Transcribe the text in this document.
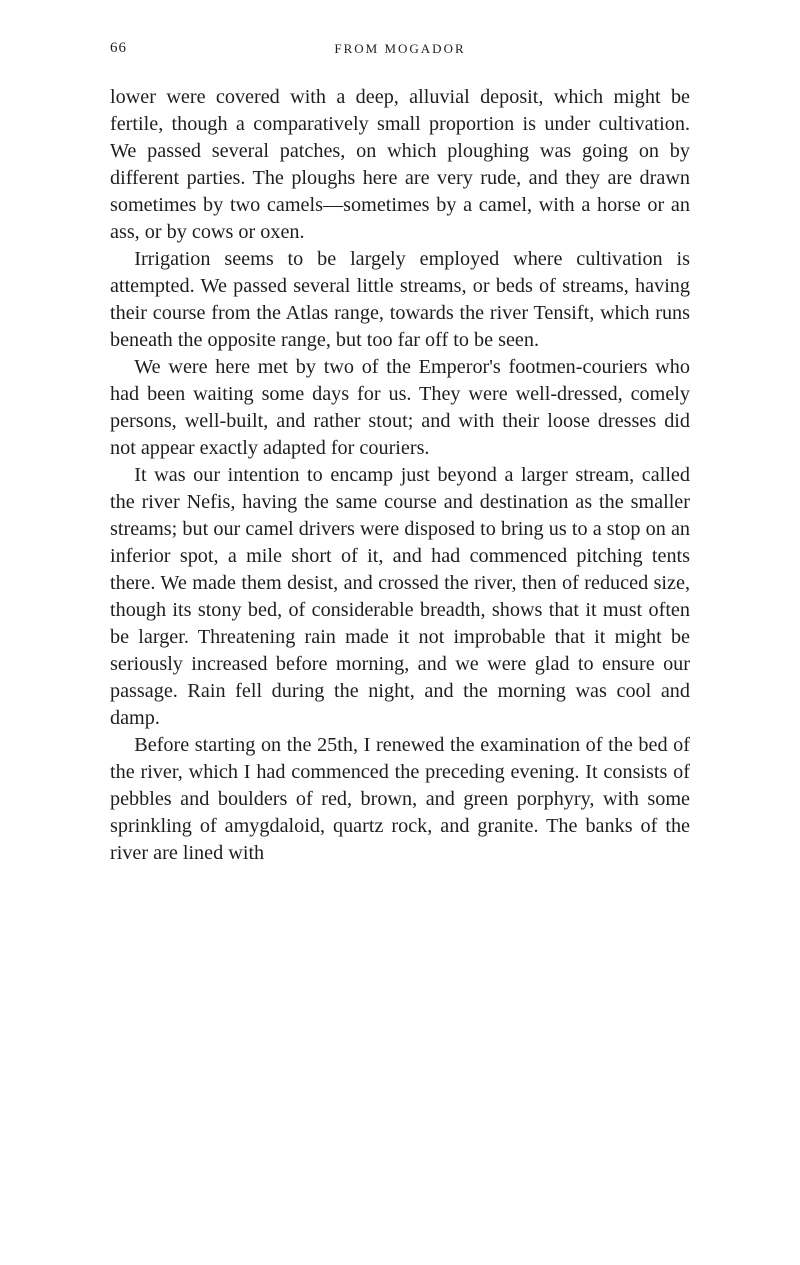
66	FROM MOGADOR

lower were covered with a deep, alluvial deposit, which might be fertile, though a comparatively small proportion is under cultivation. We passed several patches, on which ploughing was going on by different parties. The ploughs here are very rude, and they are drawn sometimes by two camels—sometimes by a camel, with a horse or an ass, or by cows or oxen.

Irrigation seems to be largely employed where cultivation is attempted. We passed several little streams, or beds of streams, having their course from the Atlas range, towards the river Tensift, which runs beneath the opposite range, but too far off to be seen.

We were here met by two of the Emperor's footmen-couriers who had been waiting some days for us. They were well-dressed, comely persons, well-built, and rather stout; and with their loose dresses did not appear exactly adapted for couriers.

It was our intention to encamp just beyond a larger stream, called the river Nefis, having the same course and destination as the smaller streams; but our camel drivers were disposed to bring us to a stop on an inferior spot, a mile short of it, and had commenced pitching tents there. We made them desist, and crossed the river, then of reduced size, though its stony bed, of considerable breadth, shows that it must often be larger. Threatening rain made it not improbable that it might be seriously increased before morning, and we were glad to ensure our passage. Rain fell during the night, and the morning was cool and damp.

Before starting on the 25th, I renewed the examination of the bed of the river, which I had commenced the preceding evening. It consists of pebbles and boulders of red, brown, and green porphyry, with some sprinkling of amygdaloid, quartz rock, and granite. The banks of the river are lined with
